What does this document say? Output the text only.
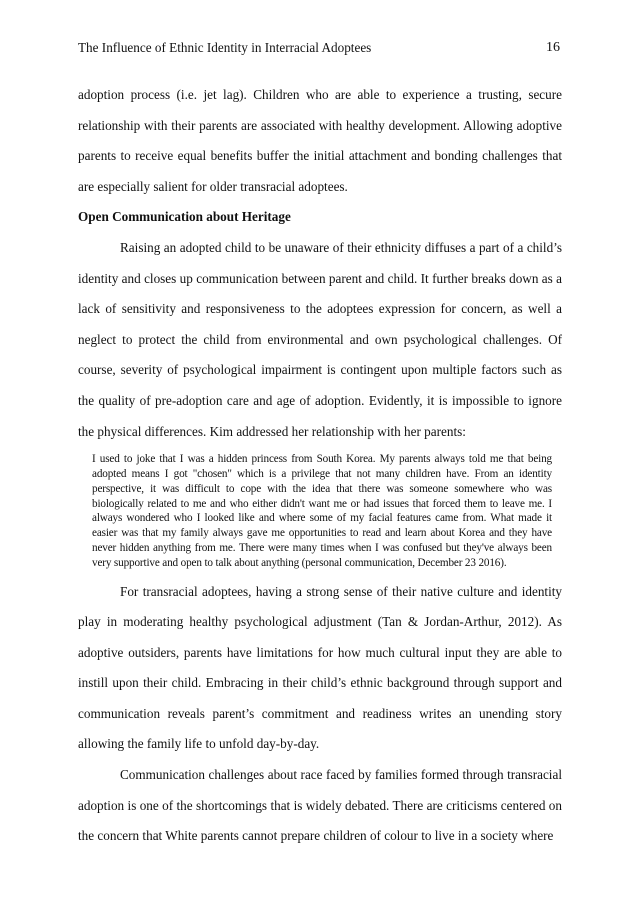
The Influence of Ethnic Identity in Interracial Adoptees	16

adoption process (i.e. jet lag). Children who are able to experience a trusting, secure relationship with their parents are associated with healthy development. Allowing adoptive parents to receive equal benefits buffer the initial attachment and bonding challenges that are especially salient for older transracial adoptees.

Open Communication about Heritage

Raising an adopted child to be unaware of their ethnicity diffuses a part of a child’s identity and closes up communication between parent and child. It further breaks down as a lack of sensitivity and responsiveness to the adoptees expression for concern, as well a neglect to protect the child from environmental and own psychological challenges. Of course, severity of psychological impairment is contingent upon multiple factors such as the quality of pre-adoption care and age of adoption. Evidently, it is impossible to ignore the physical differences. Kim addressed her relationship with her parents:

I used to joke that I was a hidden princess from South Korea. My parents always told me that being adopted means I got "chosen" which is a privilege that not many children have. From an identity perspective, it was difficult to cope with the idea that there was someone somewhere who was biologically related to me and who either didn't want me or had issues that forced them to leave me. I always wondered who I looked like and where some of my facial features came from. What made it easier was that my family always gave me opportunities to read and learn about Korea and they have never hidden anything from me. There were many times when I was confused but they've always been very supportive and open to talk about anything (personal communication, December 23 2016).

For transracial adoptees, having a strong sense of their native culture and identity play in moderating healthy psychological adjustment (Tan & Jordan-Arthur, 2012). As adoptive outsiders, parents have limitations for how much cultural input they are able to instill upon their child. Embracing in their child’s ethnic background through support and communication reveals parent’s commitment and readiness writes an unending story allowing the family life to unfold day-by-day.

Communication challenges about race faced by families formed through transracial adoption is one of the shortcomings that is widely debated. There are criticisms centered on the concern that White parents cannot prepare children of colour to live in a society where
